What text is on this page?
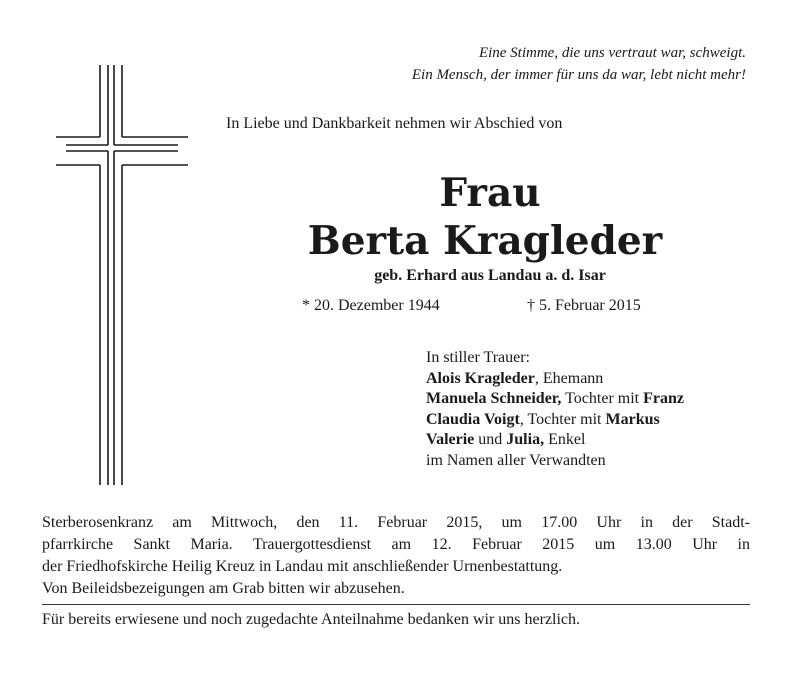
Eine Stimme, die uns vertraut war, schweigt.
Ein Mensch, der immer für uns da war, lebt nicht mehr!
In Liebe und Dankbarkeit nehmen wir Abschied von
Frau
Berta Kragleder
geb. Erhard aus Landau a. d. Isar
* 20. Dezember 1944	† 5. Februar 2015
In stiller Trauer:
Alois Kragleder, Ehemann
Manuela Schneider, Tochter mit Franz
Claudia Voigt, Tochter mit Markus
Valerie und Julia, Enkel
im Namen aller Verwandten
Sterberosenkranz am Mittwoch, den 11. Februar 2015, um 17.00 Uhr in der Stadt-
pfarrkirche Sankt Maria. Trauergottesdienst am 12. Februar 2015 um 13.00 Uhr in
der Friedhofskirche Heilig Kreuz in Landau mit anschließender Urnenbestattung.
Von Beileidsbezeigungen am Grab bitten wir abzusehen.
Für bereits erwiesene und noch zugedachte Anteilnahme bedanken wir uns herzlich.
